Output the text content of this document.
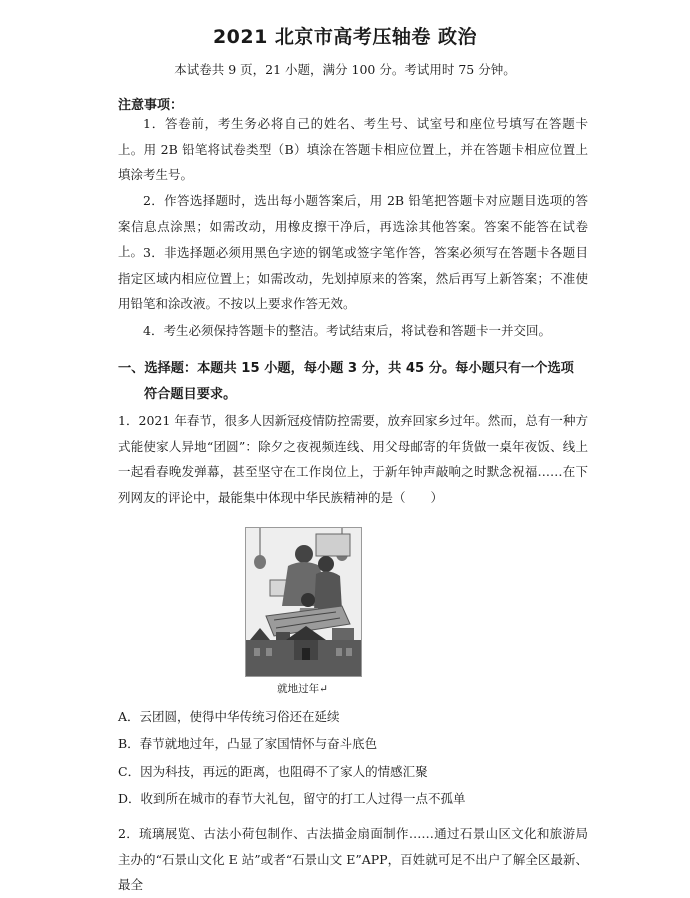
2021 北京市高考压轴卷 政治
本试卷共 9 页，21 小题，满分 100 分。考试用时 75 分钟。
注意事项：
1．答卷前，考生务必将自己的姓名、考生号、试室号和座位号填写在答题卡上。用 2B 铅笔将试卷类型（B）填涂在答题卡相应位置上，并在答题卡相应位置上填涂考生号。
2．作答选择题时，选出每小题答案后，用 2B 铅笔把答题卡对应题目选项的答案信息点涂黑；如需改动，用橡皮擦干净后，再选涂其他答案。答案不能答在试卷上。 3．非选择题必须用黑色字迹的钢笔或签字笔作答，答案必须写在答题卡各题目指定区域内相应位置上；如需改动，先划掉原来的答案，然后再写上新答案；不准使用铅笔和涂改液。不按以上要求作答无效。
4．考生必须保持答题卡的整洁。考试结束后，将试卷和答题卡一并交回。
一、选择题：本题共 15 小题，每小题 3 分，共 45 分。每小题只有一个选项
符合题目要求。
1．2021 年春节，很多人因新冠疫情防控需要，放弃回家乡过年。然而，总有一种方式能使家人异地“团圆”：除夕之夜视频连线、用父母邮寄的年货做一桌年夜饭、线上一起看春晚发弹幕，甚至坚守在工作岗位上，于新年钟声敲响之时默念祝福……在下列网友的评论中，最能集中体现中华民族精神的是（　　）
就地过年↵
A．云团圆，使得中华传统习俗还在延续
B．春节就地过年，凸显了家国情怀与奋斗底色
C．因为科技，再远的距离，也阻碍不了家人的情感汇聚
D．收到所在城市的春节大礼包，留守的打工人过得一点不孤单
2．琉璃展览、古法小荷包制作、古法描金扇面制作……通过石景山区文化和旅游局主办的“石景山文化 E 站”或者“石景山文 E”APP，百姓就可足不出户了解全区最新、最全
